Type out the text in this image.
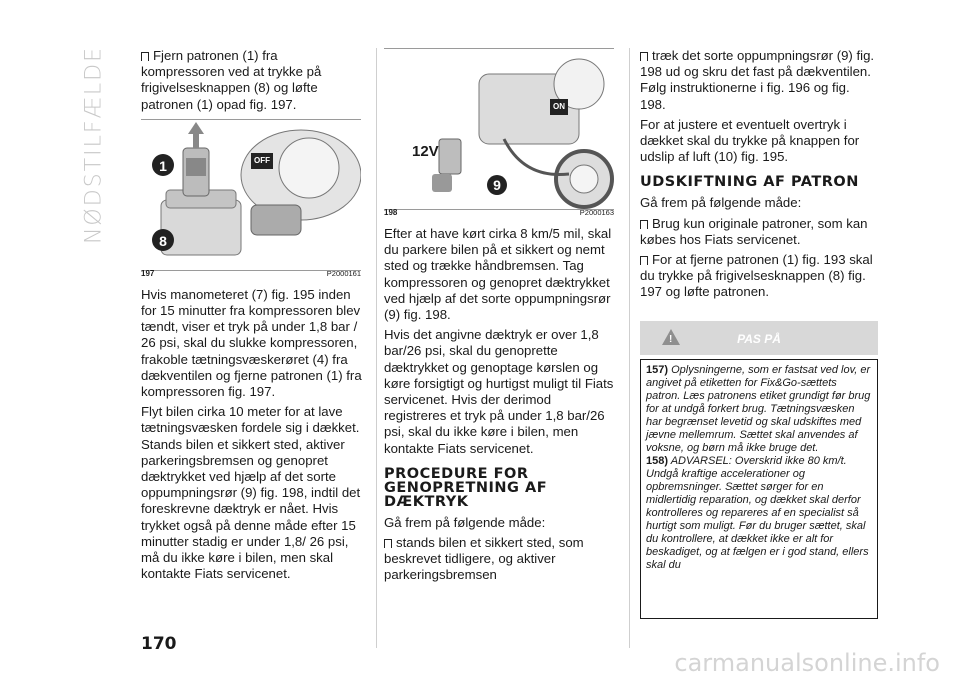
NØDSTILFÆLDE
170

Fjern patronen (1) fra kompressoren ved at trykke på frigivelsesknappen (8) og løfte patronen (1) opad fig. 197.

1
8
OFF
197	P2000161

Hvis manometeret (7) fig. 195 inden for 15 minutter fra kompressoren blev tændt, viser et tryk på under 1,8 bar / 26 psi, skal du slukke kompressoren, frakoble tætningsvæskerøret (4) fra dækventilen og fjerne patronen (1) fra kompressoren fig. 197.

Flyt bilen cirka 10 meter for at lave tætningsvæsken fordele sig i dækket. Stands bilen et sikkert sted, aktiver parkeringsbremsen og genopret dæktrykket ved hjælp af det sorte oppumpningsrør (9) fig. 198, indtil det foreskrevne dæktryk er nået. Hvis trykket også på denne måde efter 15 minutter stadig er under 1,8/ 26 psi, må du ikke køre i bilen, men skal kontakte Fiats servicenet.

12V
ON
9
198	P2000163

Efter at have kørt cirka 8 km/5 mil, skal du parkere bilen på et sikkert og nemt sted og trække håndbremsen. Tag kompressoren og genopret dæktrykket ved hjælp af det sorte oppumpningsrør (9) fig. 198.

Hvis det angivne dæktryk er over 1,8 bar/26 psi, skal du genoprette dæktrykket og genoptage kørslen og køre forsigtigt og hurtigst muligt til Fiats servicenet. Hvis der derimod registreres et tryk på under 1,8 bar/26 psi, skal du ikke køre i bilen, men kontakte Fiats servicenet.

PROCEDURE FOR GENOPRETNING AF DÆKTRYK

Gå frem på følgende måde:

stands bilen et sikkert sted, som beskrevet tidligere, og aktiver parkeringsbremsen

træk det sorte oppumpningsrør (9) fig. 198 ud og skru det fast på dækventilen. Følg instruktionerne i fig. 196 og fig. 198.

For at justere et eventuelt overtryk i dækket skal du trykke på knappen for udslip af luft (10) fig. 195.

UDSKIFTNING AF PATRON

Gå frem på følgende måde:

Brug kun originale patroner, som kan købes hos Fiats servicenet.

For at fjerne patronen (1) fig. 193 skal du trykke på frigivelsesknappen (8) fig. 197 og løfte patronen.

!
PAS PÅ

157) Oplysningerne, som er fastsat ved lov, er angivet på etiketten for Fix&Go-sættets patron. Læs patronens etiket grundigt før brug for at undgå forkert brug. Tætningsvæsken har begrænset levetid og skal udskiftes med jævne mellemrum. Sættet skal anvendes af voksne, og børn må ikke bruge det.

158) ADVARSEL: Overskrid ikke 80 km/t. Undgå kraftige accelerationer og opbremsninger. Sættet sørger for en midlertidig reparation, og dækket skal derfor kontrolleres og repareres af en specialist så hurtigt som muligt. Før du bruger sættet, skal du kontrollere, at dækket ikke er alt for beskadiget, og at fælgen er i god stand, ellers skal du

carmanualsonline.info
